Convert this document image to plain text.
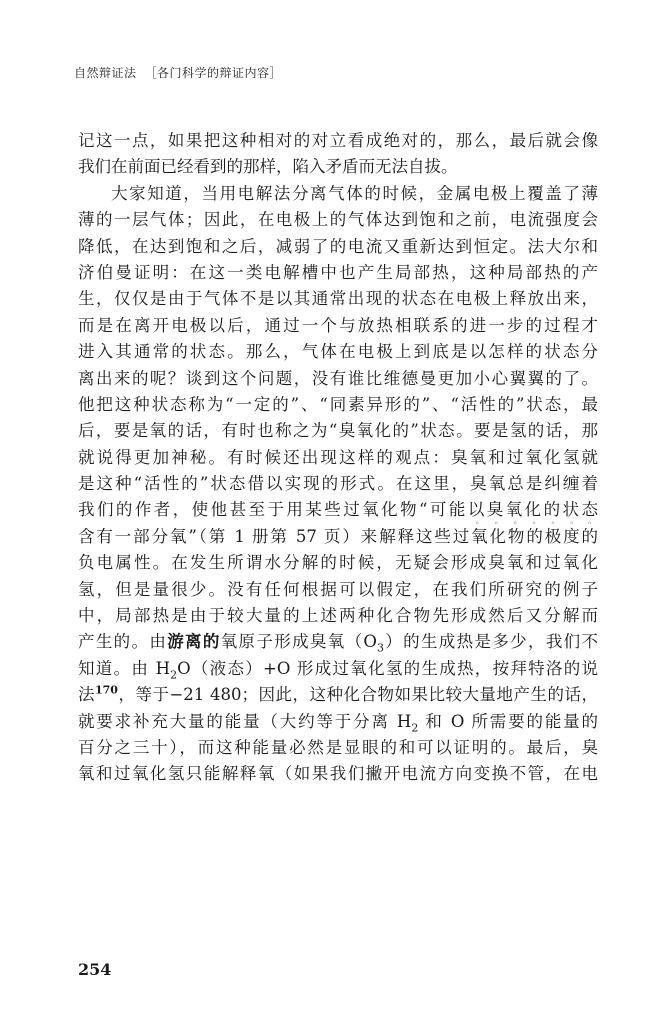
自然辩证法 ［各门科学的辩证内容］
记这一点，如果把这种相对的对立看成绝对的，那么，最后就会像
我们在前面已经看到的那样，陷入矛盾而无法自拔。
大家知道，当用电解法分离气体的时候，金属电极上覆盖了薄
薄的一层气体；因此，在电极上的气体达到饱和之前，电流强度会
降低，在达到饱和之后，减弱了的电流又重新达到恒定。法大尔和
济伯曼证明：在这一类电解槽中也产生局部热，这种局部热的产
生，仅仅是由于气体不是以其通常出现的状态在电极上释放出来，
而是在离开电极以后，通过一个与放热相联系的进一步的过程才
进入其通常的状态。那么，气体在电极上到底是以怎样的状态分
离出来的呢？谈到这个问题，没有谁比维德曼更加小心翼翼的了。
他把这种状态称为“一定的”、“同素异形的”、“活性的”状态，最
后，要是氧的话，有时也称之为“臭氧化的”状态。要是氢的话，那
就说得更加神秘。有时候还出现这样的观点：臭氧和过氧化氢就
是这种“活性的”状态借以实现的形式。在这里，臭氧总是纠缠着
我们的作者，使他甚至于用某些过氧化物“可能以臭氧化的状态
含有一部分氧”（第 1 册第 57 页）来解释这些过氧化物的极度的
负电属性。在发生所谓水分解的时候，无疑会形成臭氧和过氧化
氢，但是量很少。没有任何根据可以假定，在我们所研究的例子
中，局部热是由于较大量的上述两种化合物先形成然后又分解而
产生的。由游离的氧原子形成臭氧$(O_3)$的生成热是多少，我们不
知道。由 $H_2O$（液态）+O 形成过氧化氢的生成热，按拜特洛的说
法$^{170}$，等于−21 480；因此，这种化合物如果比较大量地产生的话，
就要求补充大量的能量（大约等于分离 $H_2$ 和 O 所需要的能量的
百分之三十），而这种能量必然是显眼的和可以证明的。最后，臭
氧和过氧化氢只能解释氧（如果我们撇开电流方向变换不管，在电
254
